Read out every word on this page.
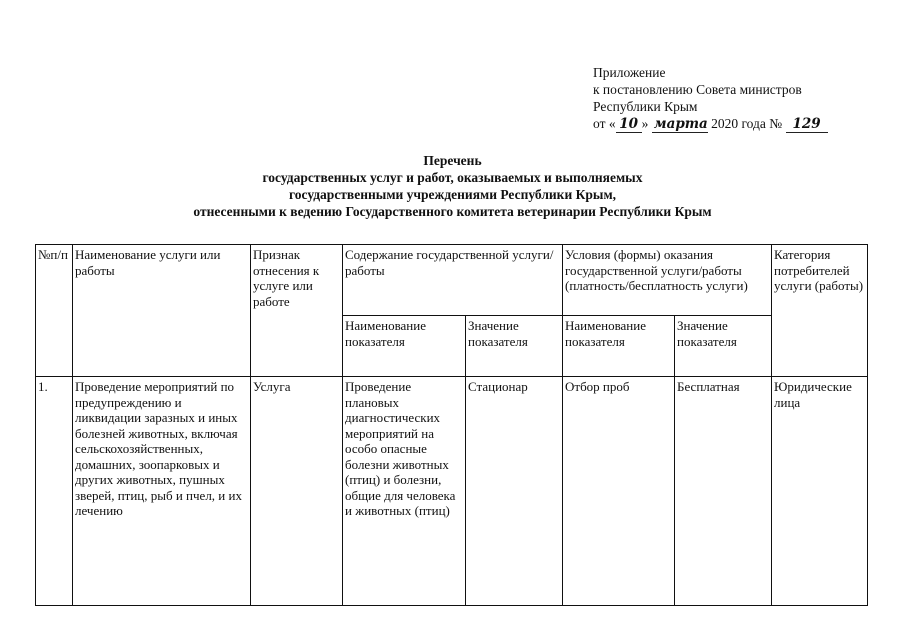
Приложение
к постановлению Совета министров
Республики Крым
от « 10 » марта 2020 года № 129
Перечень
государственных услуг и работ, оказываемых и выполняемых
государственными учреждениями Республики Крым,
отнесенными к ведению Государственного комитета ветеринарии Республики Крым
№п/п	Наименование услуги или работы	Признак отнесения к услуге или работе	Содержание государственной услуги/работы		Условия (формы) оказания государственной услуги/работы (платность/бесплатность услуги)		Категория потребителей услуги (работы)
			Наименование показателя	Значение показателя	Наименование показателя	Значение показателя	
1.	Проведение мероприятий по предупреждению и ликвидации заразных и иных болезней животных, включая сельскохозяйственных, домашних, зоопарковых и других животных, пушных зверей, птиц, рыб и пчел, и их лечению	Услуга	Проведение плановых диагностических мероприятий на особо опасные болезни животных (птиц) и болезни, общие для человека и животных (птиц)	Стационар	Отбор проб	Бесплатная	Юридические лица
